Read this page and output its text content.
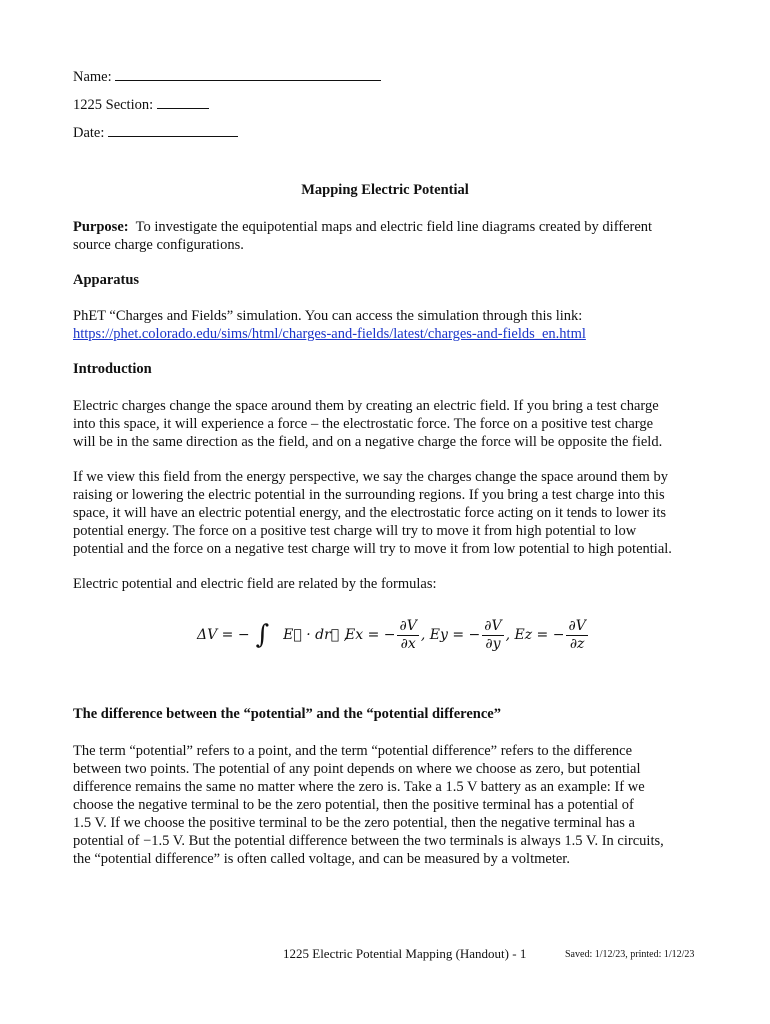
Name:
1225 Section:
Date:
Mapping Electric Potential
Purpose: To investigate the equipotential maps and electric field line diagrams created by different
source charge configurations.
Apparatus
PhET “Charges and Fields” simulation. You can access the simulation through this link:
https://phet.colorado.edu/sims/html/charges-and-fields/latest/charges-and-fields_en.html
Introduction
Electric charges change the space around them by creating an electric field. If you bring a test charge
into this space, it will experience a force – the electrostatic force. The force on a positive test charge
will be in the same direction as the field, and on a negative charge the force will be opposite the field.
If we view this field from the energy perspective, we say the charges change the space around them by
raising or lowering the electric potential in the surrounding regions. If you bring a test charge into this
space, it will have an electric potential energy, and the electrostatic force acting on it tends to lower its
potential energy. The force on a positive test charge will try to move it from high potential to low
potential and the force on a negative test charge will try to move it from low potential to high potential.
Electric potential and electric field are related by the formulas:
ΔV = − ∫ E⃗ · dr⃗ ,
Ex = − $\frac{\partial V}{\partial x}$ , Ey = − $\frac{\partial V}{\partial y}$ , Ez = − $\frac{\partial V}{\partial z}$
The difference between the “potential” and the “potential difference”
The term “potential” refers to a point, and the term “potential difference” refers to the difference
between two points. The potential of any point depends on where we choose as zero, but potential
difference remains the same no matter where the zero is. Take a 1.5 V battery as an example: If we
choose the negative terminal to be the zero potential, then the positive terminal has a potential of
1.5 V. If we choose the positive terminal to be the zero potential, then the negative terminal has a
potential of −1.5 V. But the potential difference between the two terminals is always 1.5 V. In circuits,
the “potential difference” is often called voltage, and can be measured by a voltmeter.
1225 Electric Potential Mapping (Handout) - 1	Saved: 1/12/23, printed: 1/12/23
